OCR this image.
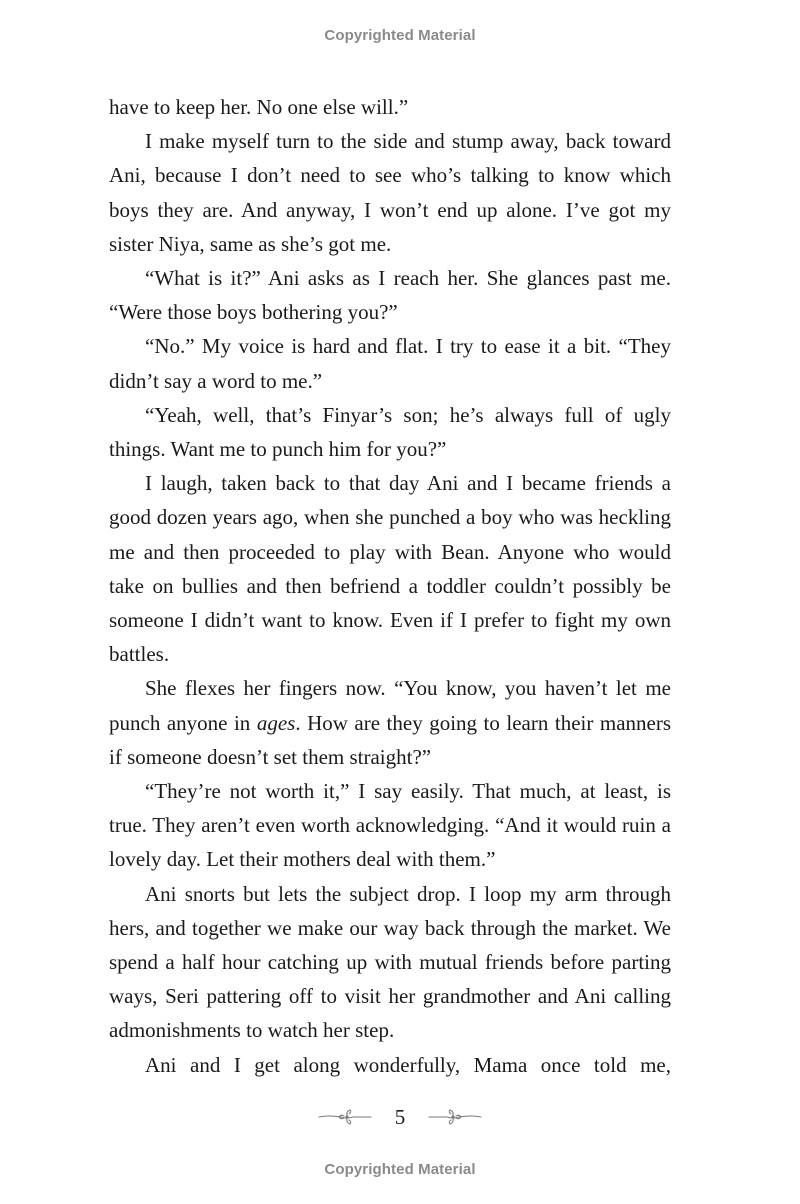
Copyrighted Material

have to keep her. No one else will.”

I make myself turn to the side and stump away, back toward Ani, because I don’t need to see who’s talking to know which boys they are. And anyway, I won’t end up alone. I’ve got my sister Niya, same as she’s got me.

“What is it?” Ani asks as I reach her. She glances past me. “Were those boys bothering you?”

“No.” My voice is hard and flat. I try to ease it a bit. “They didn’t say a word to me.”

“Yeah, well, that’s Finyar’s son; he’s always full of ugly things. Want me to punch him for you?”

I laugh, taken back to that day Ani and I became friends a good dozen years ago, when she punched a boy who was heckling me and then proceeded to play with Bean. Anyone who would take on bullies and then befriend a toddler couldn’t possibly be someone I didn’t want to know. Even if I prefer to fight my own battles.

She flexes her fingers now. “You know, you haven’t let me punch anyone in ages. How are they going to learn their manners if someone doesn’t set them straight?”

“They’re not worth it,” I say easily. That much, at least, is true. They aren’t even worth acknowledging. “And it would ruin a lovely day. Let their mothers deal with them.”

Ani snorts but lets the subject drop. I loop my arm through hers, and together we make our way back through the market. We spend a half hour catching up with mutual friends before parting ways, Seri pattering off to visit her grandmother and Ani calling admonishments to watch her step.

Ani and I get along wonderfully, Mama once told me,

5
Copyrighted Material
